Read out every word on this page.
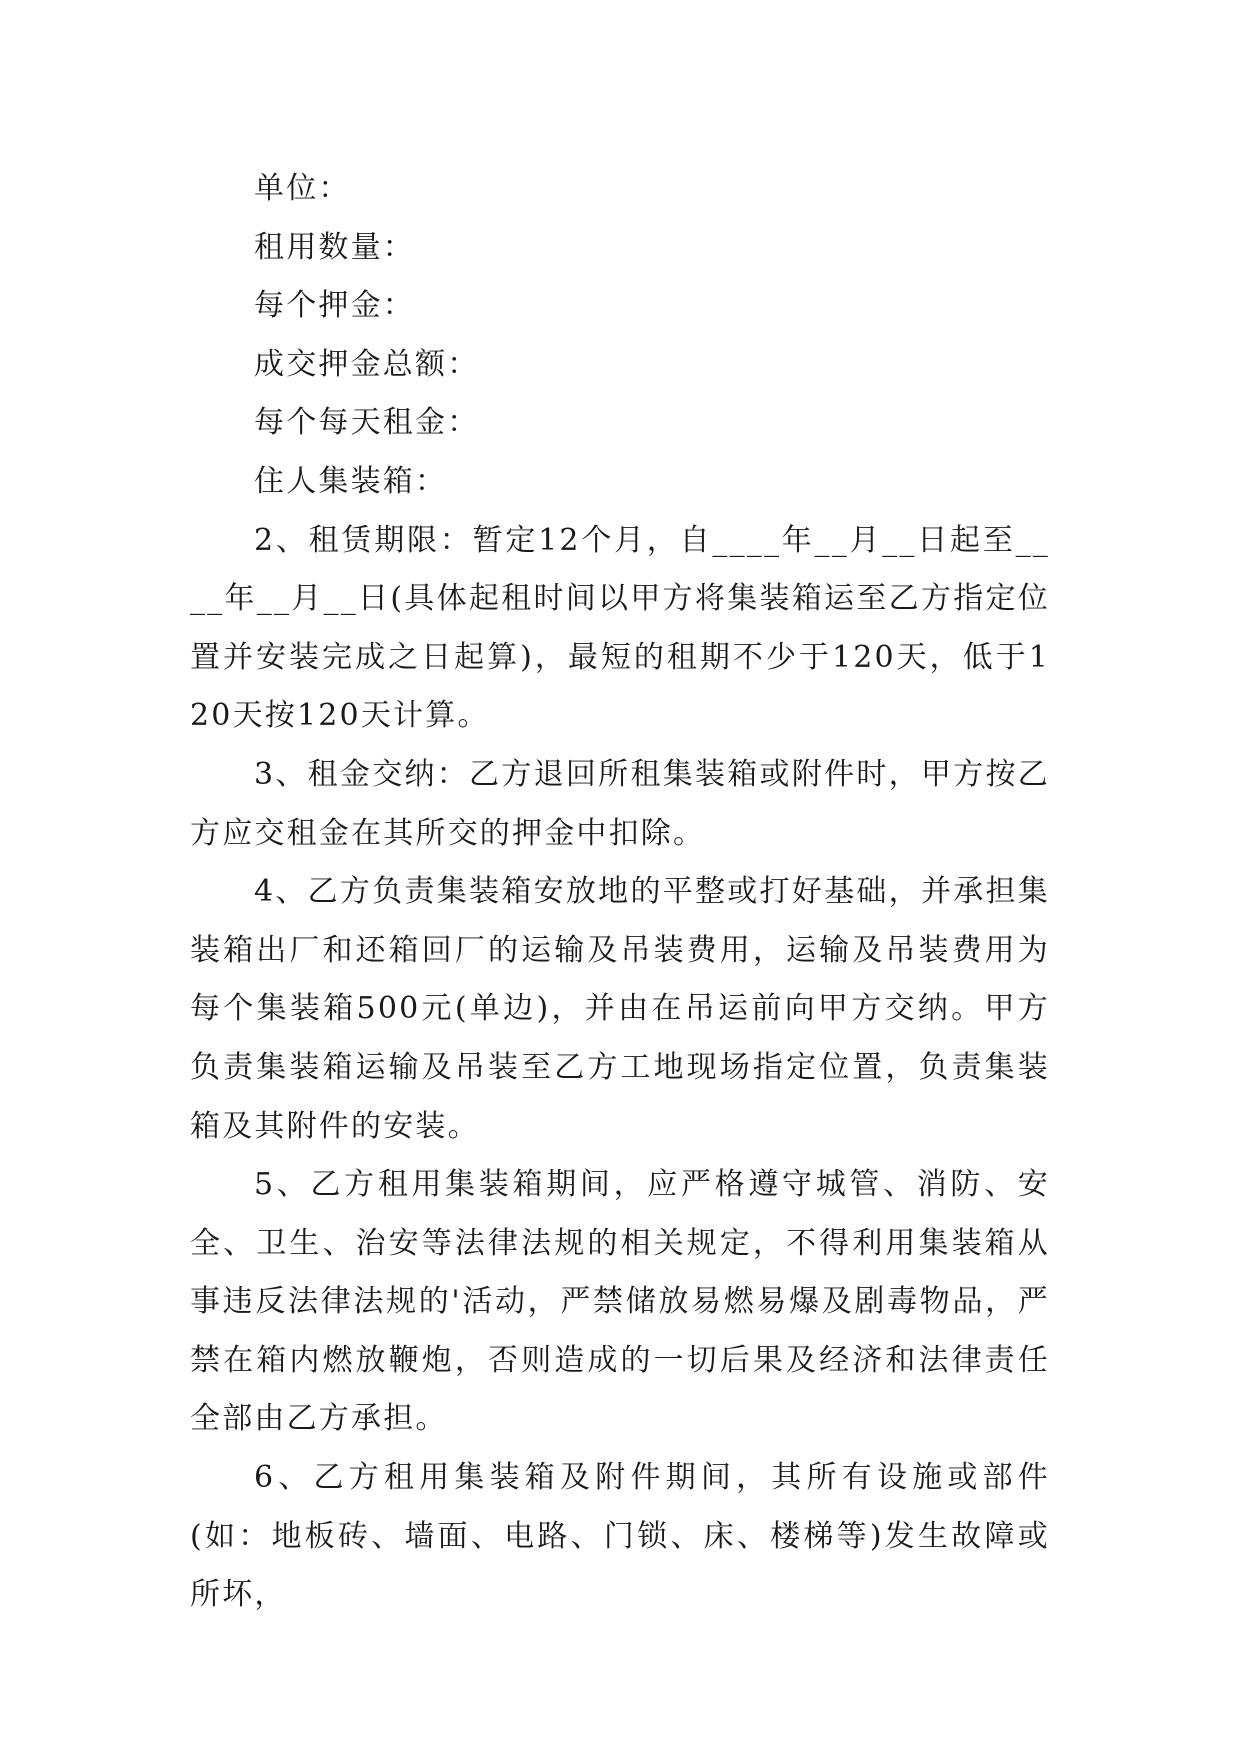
单位：

租用数量：

每个押金：

成交押金总额：

每个每天租金：

住人集装箱：

2、租赁期限：暂定12个月，自____年__月__日起至____年__月__日(具体起租时间以甲方将集装箱运至乙方指定位置并安装完成之日起算)，最短的租期不少于120天，低于120天按120天计算。

3、租金交纳：乙方退回所租集装箱或附件时，甲方按乙方应交租金在其所交的押金中扣除。

4、乙方负责集装箱安放地的平整或打好基础，并承担集装箱出厂和还箱回厂的运输及吊装费用，运输及吊装费用为每个集装箱500元(单边)，并由在吊运前向甲方交纳。甲方负责集装箱运输及吊装至乙方工地现场指定位置，负责集装箱及其附件的安装。

5、乙方租用集装箱期间，应严格遵守城管、消防、安全、卫生、治安等法律法规的相关规定，不得利用集装箱从事违反法律法规的'活动，严禁储放易燃易爆及剧毒物品，严禁在箱内燃放鞭炮，否则造成的一切后果及经济和法律责任全部由乙方承担。

6、乙方租用集装箱及附件期间，其所有设施或部件(如：地板砖、墙面、电路、门锁、床、楼梯等)发生故障或所坏，
